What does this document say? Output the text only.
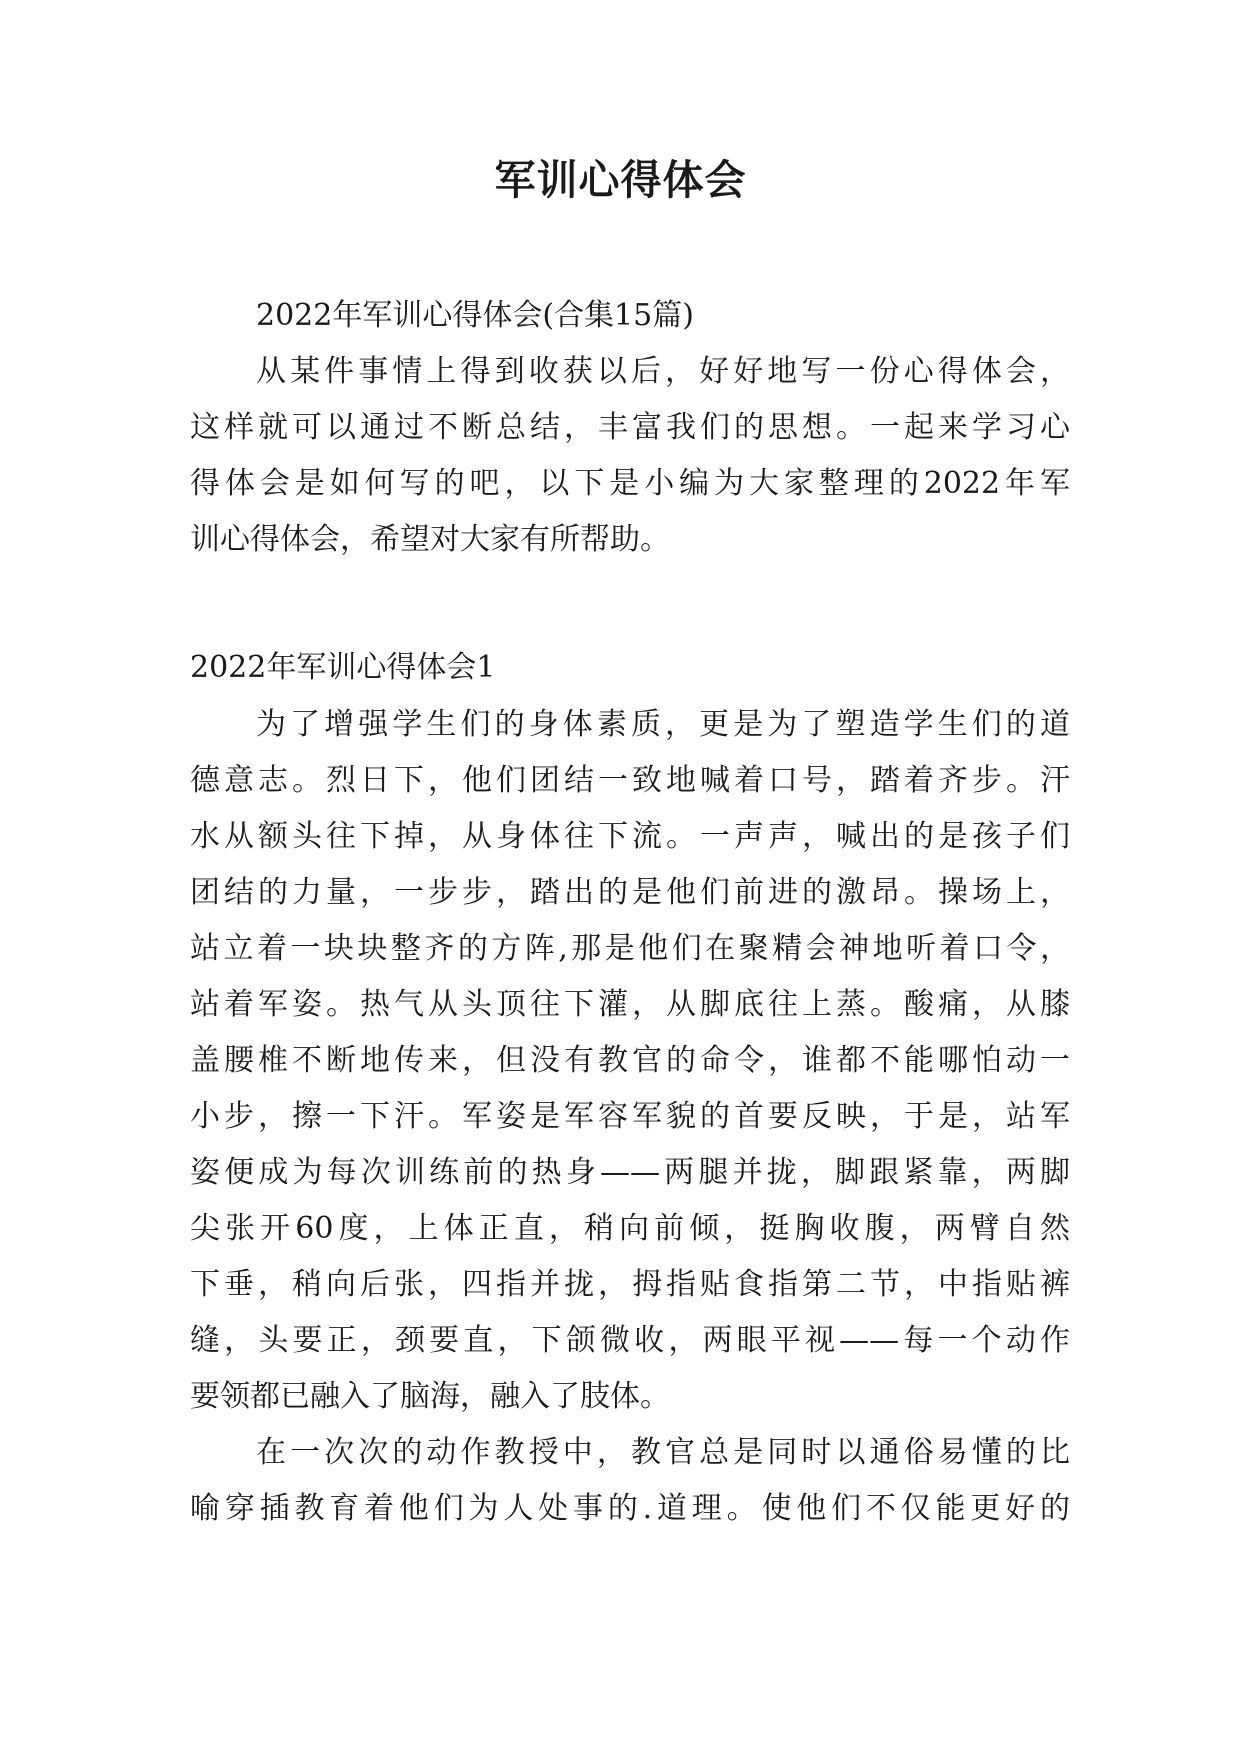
军训心得体会
2022年军训心得体会(合集15篇)
从某件事情上得到收获以后，好好地写一份心得体会，
这样就可以通过不断总结，丰富我们的思想。一起来学习心
得体会是如何写的吧，以下是小编为大家整理的2022年军
训心得体会，希望对大家有所帮助。
2022年军训心得体会1
为了增强学生们的身体素质，更是为了塑造学生们的道
德意志。烈日下，他们团结一致地喊着口号，踏着齐步。汗
水从额头往下掉，从身体往下流。一声声，喊出的是孩子们
团结的力量，一步步，踏出的是他们前进的激昂。操场上，
站立着一块块整齐的方阵,那是他们在聚精会神地听着口令，
站着军姿。热气从头顶往下灌，从脚底往上蒸。酸痛，从膝
盖腰椎不断地传来，但没有教官的命令，谁都不能哪怕动一
小步，擦一下汗。军姿是军容军貌的首要反映，于是，站军
姿便成为每次训练前的热身——两腿并拢，脚跟紧靠，两脚
尖张开60度，上体正直，稍向前倾，挺胸收腹，两臂自然
下垂，稍向后张，四指并拢，拇指贴食指第二节，中指贴裤
缝，头要正，颈要直，下颌微收，两眼平视——每一个动作
要领都已融入了脑海，融入了肢体。
在一次次的动作教授中，教官总是同时以通俗易懂的比
喻穿插教育着他们为人处事的.道理。使他们不仅能更好的
